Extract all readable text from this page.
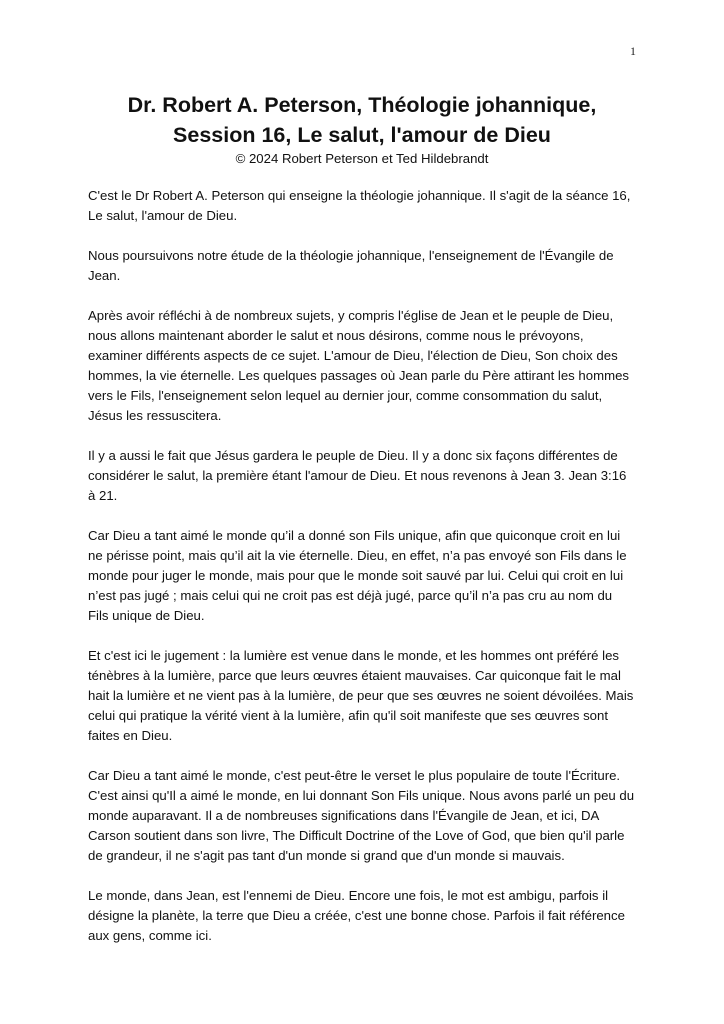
1

Dr. Robert A. Peterson, Théologie johannique,

Session 16, Le salut, l'amour de Dieu

© 2024 Robert Peterson et Ted Hildebrandt

C'est le Dr Robert A. Peterson qui enseigne la théologie johannique. Il s'agit de la séance 16, Le salut, l'amour de Dieu.

Nous poursuivons notre étude de la théologie johannique, l'enseignement de l'Évangile de Jean.

Après avoir réfléchi à de nombreux sujets, y compris l'église de Jean et le peuple de Dieu, nous allons maintenant aborder le salut et nous désirons, comme nous le prévoyons, examiner différents aspects de ce sujet. L'amour de Dieu, l'élection de Dieu, Son choix des hommes, la vie éternelle. Les quelques passages où Jean parle du Père attirant les hommes vers le Fils, l'enseignement selon lequel au dernier jour, comme consommation du salut, Jésus les ressuscitera.

Il y a aussi le fait que Jésus gardera le peuple de Dieu. Il y a donc six façons différentes de considérer le salut, la première étant l'amour de Dieu. Et nous revenons à Jean 3. Jean 3:16 à 21.

Car Dieu a tant aimé le monde qu’il a donné son Fils unique, afin que quiconque croit en lui ne périsse point, mais qu’il ait la vie éternelle. Dieu, en effet, n’a pas envoyé son Fils dans le monde pour juger le monde, mais pour que le monde soit sauvé par lui. Celui qui croit en lui n’est pas jugé ; mais celui qui ne croit pas est déjà jugé, parce qu’il n’a pas cru au nom du Fils unique de Dieu.

Et c'est ici le jugement : la lumière est venue dans le monde, et les hommes ont préféré les ténèbres à la lumière, parce que leurs œuvres étaient mauvaises. Car quiconque fait le mal hait la lumière et ne vient pas à la lumière, de peur que ses œuvres ne soient dévoilées. Mais celui qui pratique la vérité vient à la lumière, afin qu'il soit manifeste que ses œuvres sont faites en Dieu.

Car Dieu a tant aimé le monde, c'est peut-être le verset le plus populaire de toute l'Écriture. C'est ainsi qu'Il a aimé le monde, en lui donnant Son Fils unique. Nous avons parlé un peu du monde auparavant. Il a de nombreuses significations dans l'Évangile de Jean, et ici, DA Carson soutient dans son livre, The Difficult Doctrine of the Love of God, que bien qu'il parle de grandeur, il ne s'agit pas tant d'un monde si grand que d'un monde si mauvais.

Le monde, dans Jean, est l'ennemi de Dieu. Encore une fois, le mot est ambigu, parfois il désigne la planète, la terre que Dieu a créée, c'est une bonne chose. Parfois il fait référence aux gens, comme ici.
